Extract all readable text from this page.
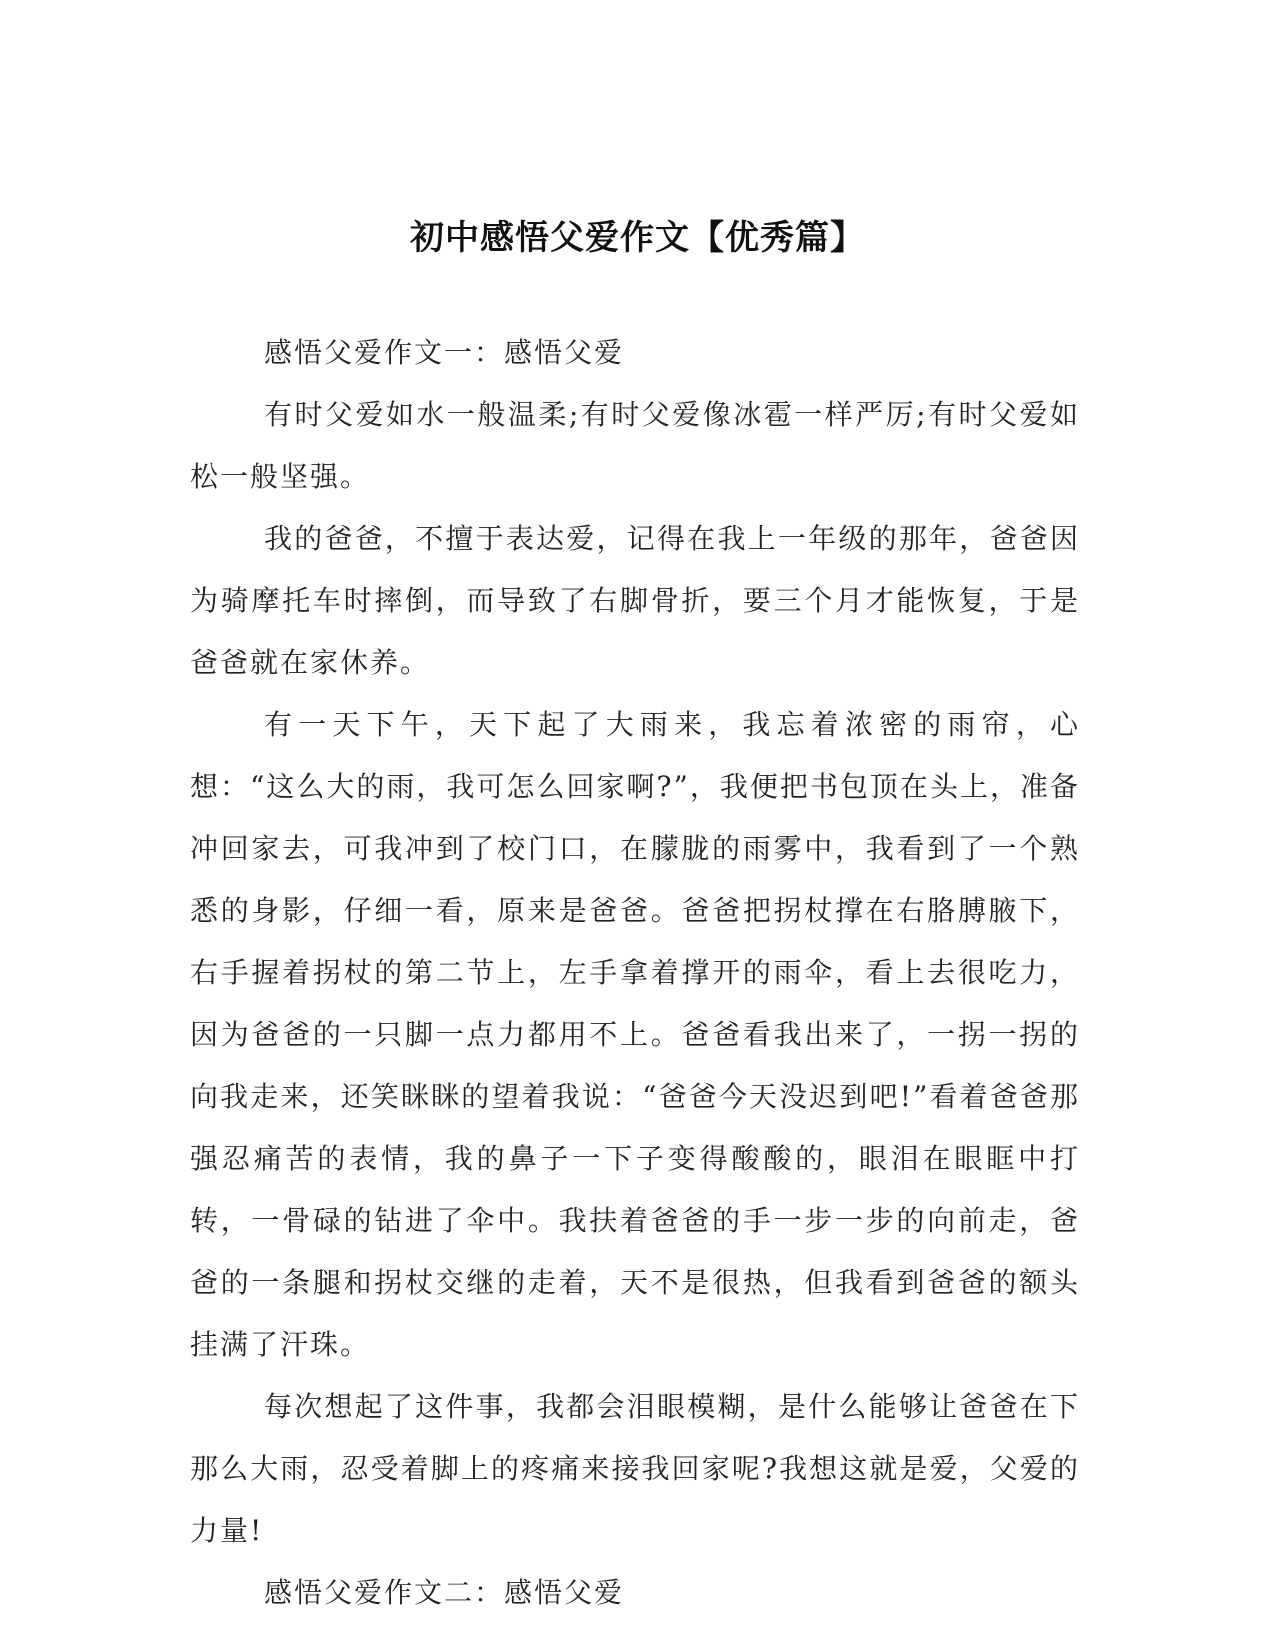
初中感悟父爱作文【优秀篇】

感悟父爱作文一：感悟父爱

有时父爱如水一般温柔;有时父爱像冰雹一样严厉;有时父爱如松一般坚强。

我的爸爸，不擅于表达爱，记得在我上一年级的那年，爸爸因为骑摩托车时摔倒，而导致了右脚骨折，要三个月才能恢复，于是爸爸就在家休养。

有一天下午，天下起了大雨来，我忘着浓密的雨帘，心想：“这么大的雨，我可怎么回家啊?”，我便把书包顶在头上，准备冲回家去，可我冲到了校门口，在朦胧的雨雾中，我看到了一个熟悉的身影，仔细一看，原来是爸爸。爸爸把拐杖撑在右胳膊腋下，右手握着拐杖的第二节上，左手拿着撑开的雨伞，看上去很吃力，因为爸爸的一只脚一点力都用不上。爸爸看我出来了，一拐一拐的向我走来，还笑眯眯的望着我说：“爸爸今天没迟到吧!”看着爸爸那强忍痛苦的表情，我的鼻子一下子变得酸酸的，眼泪在眼眶中打转，一骨碌的钻进了伞中。我扶着爸爸的手一步一步的向前走，爸爸的一条腿和拐杖交继的走着，天不是很热，但我看到爸爸的额头挂满了汗珠。

每次想起了这件事，我都会泪眼模糊，是什么能够让爸爸在下那么大雨，忍受着脚上的疼痛来接我回家呢?我想这就是爱，父爱的力量!

感悟父爱作文二：感悟父爱
